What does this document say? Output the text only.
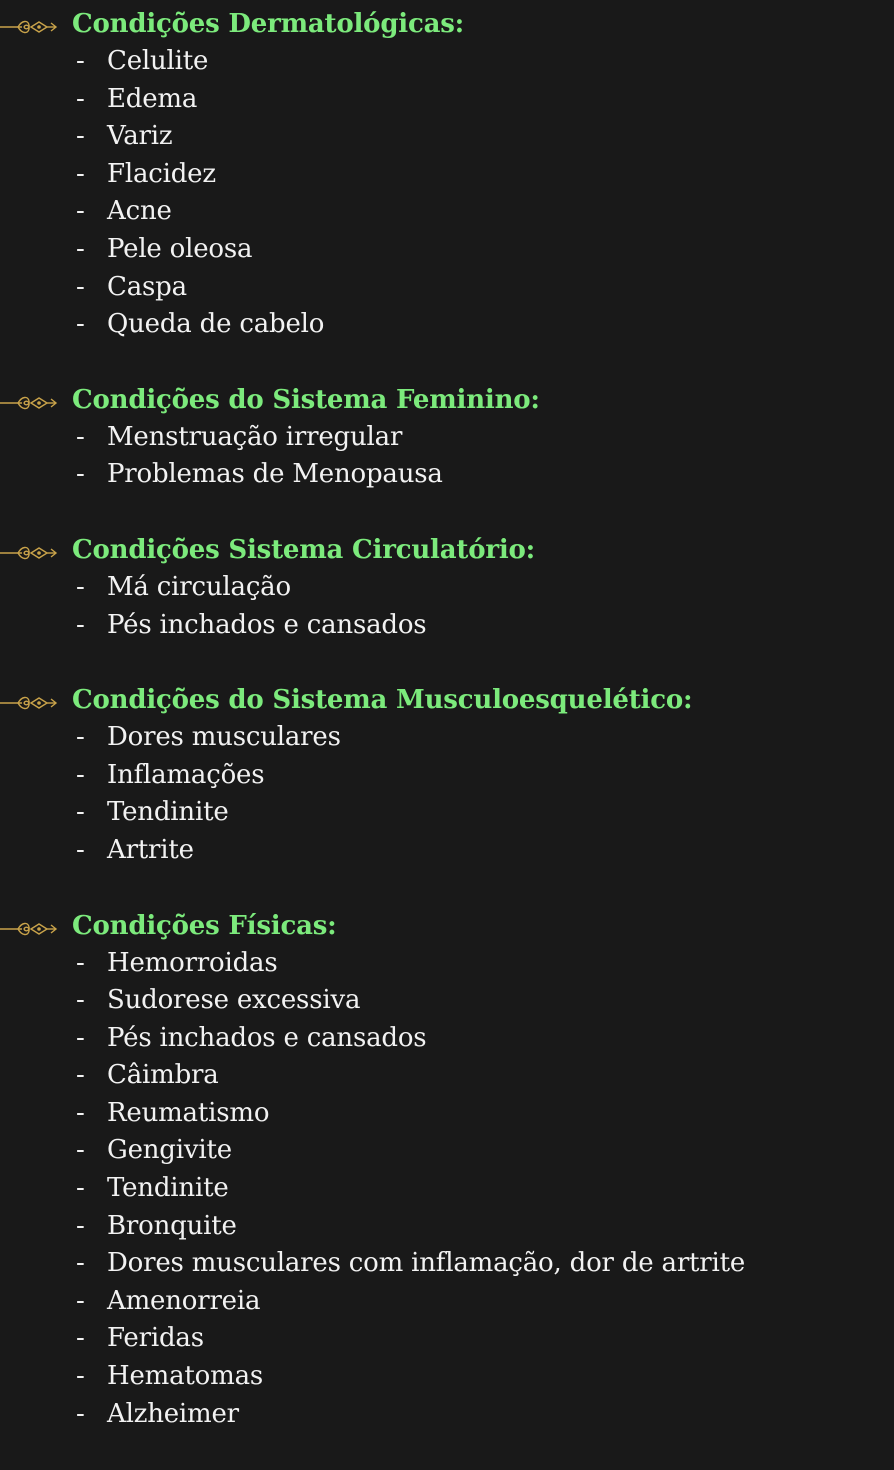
Condições Dermatológicas:
- Celulite
- Edema
- Variz
- Flacidez
- Acne
- Pele oleosa
- Caspa
- Queda de cabelo
Condições do Sistema Feminino:
- Menstruação irregular
- Problemas de Menopausa
Condições Sistema Circulatório:
- Má circulação
- Pés inchados e cansados
Condições do Sistema Musculoesquelético:
- Dores musculares
- Inflamações
- Tendinite
- Artrite
Condições Físicas:
- Hemorroidas
- Sudorese excessiva
- Pés inchados e cansados
- Câimbra
- Reumatismo
- Gengivite
- Tendinite
- Bronquite
- Dores musculares com inflamação, dor de artrite
- Amenorreia
- Feridas
- Hematomas
- Alzheimer
